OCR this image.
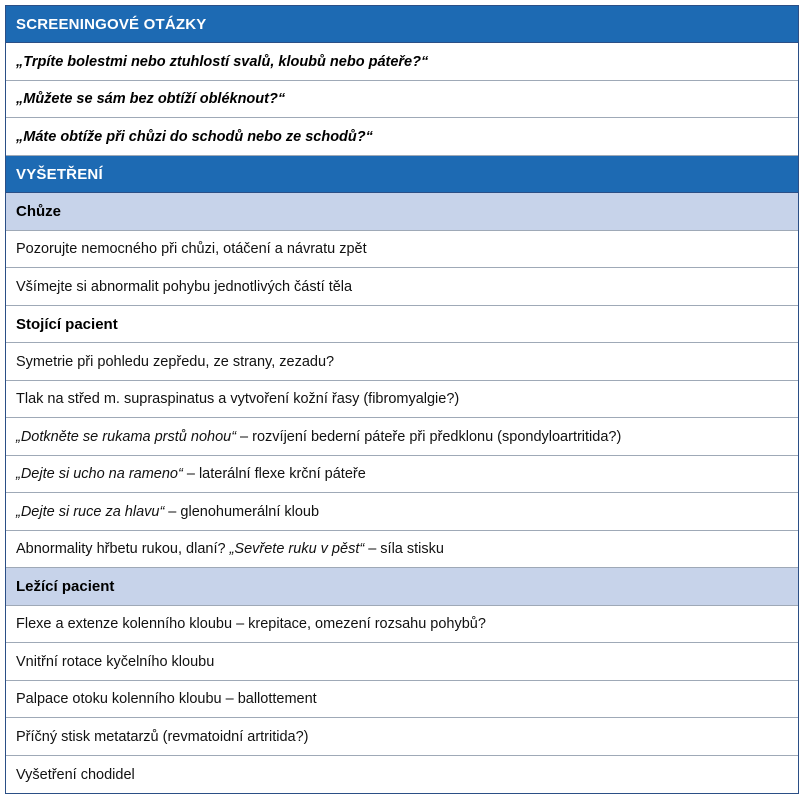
SCREENINGOVÉ OTÁZKY
„Trpíte bolestmi nebo ztuhlostí svalů, kloubů nebo páteře?“
„Můžete se sám bez obtíží obléknout?“
„Máte obtíže při chůzi do schodů nebo ze schodů?“
VYŠETŘENÍ
Chůze
Pozorujte nemocného při chůzi, otáčení a návratu zpět
Všímejte si abnormalit pohybu jednotlivých částí těla
Stojící pacient
Symetrie při pohledu zepředu, ze strany, zezadu?
Tlak na střed m. supraspinatus a vytvoření kožní řasy (fibromyalgie?)
„Dotkněte se rukama prstů nohou“ – rozvíjení bederní páteře při předklonu (spondyloartritida?)
„Dejte si ucho na rameno“ – laterální flexe krční páteře
„Dejte si ruce za hlavu“ – glenohumerální kloub
Abnormality hřbetu rukou, dlaní? „Sevřete ruku v pěst“ – síla stisku
Ležící pacient
Flexe a extenze kolenního kloubu – krepitace, omezení rozsahu pohybů?
Vnitřní rotace kyčelního kloubu
Palpace otoku kolenního kloubu – ballottement
Příčný stisk metatarzů (revmatoidní artritida?)
Vyšetření chodidel
